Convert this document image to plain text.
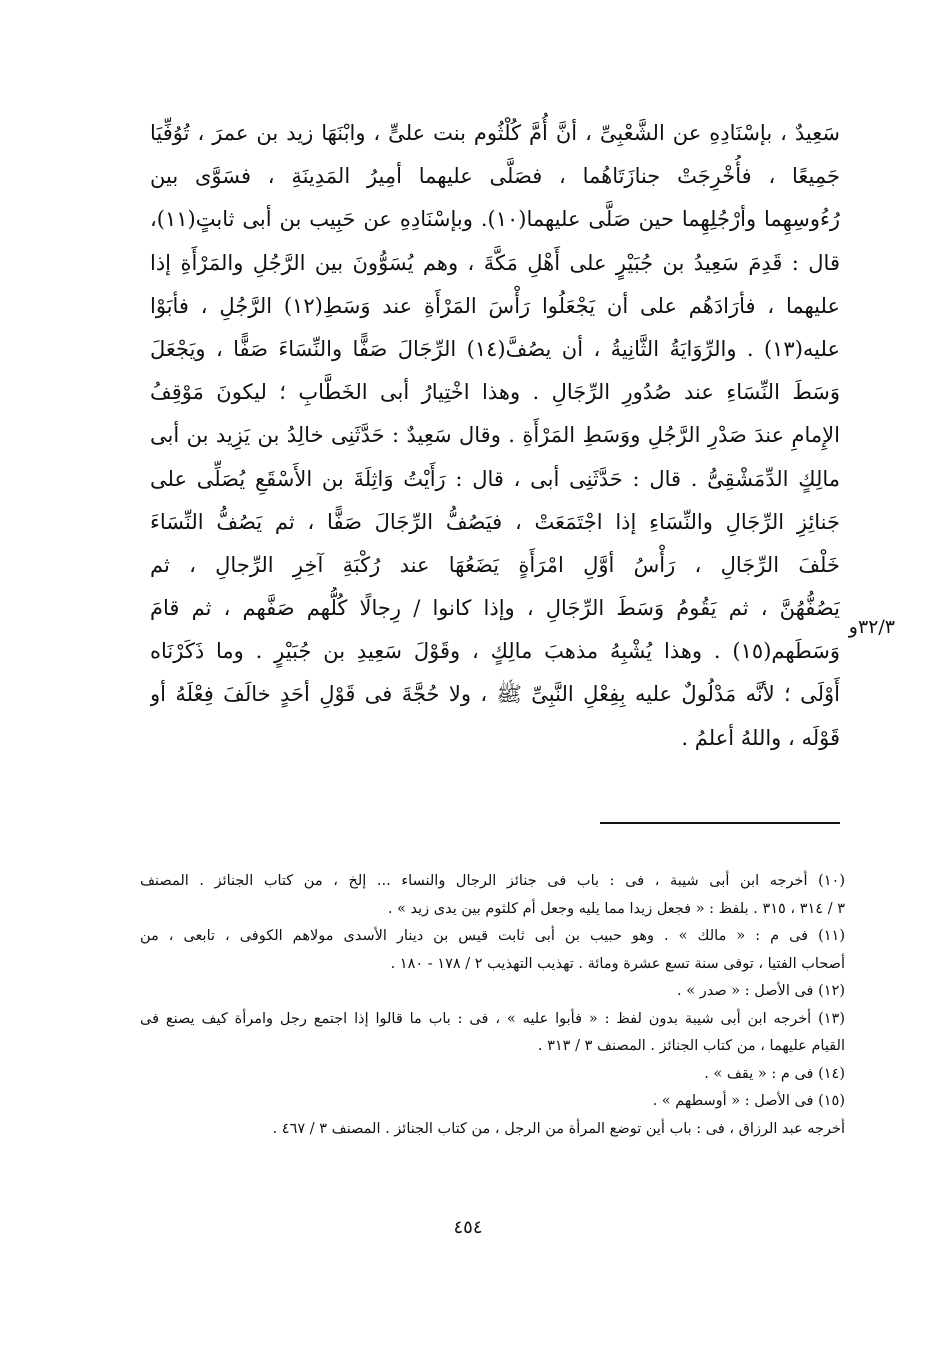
سَعِيدٌ ، بإسْنَادِهِ عن الشَّعْبِىِّ ، أنَّ أُمَّ كُلْثُوم بنت علىٍّ ، وابْنَهَا زيد بن عمرَ ، تُوُفِّيَا
جَمِيعًا ، فأُخْرِجَتْ جنازَتَاهُما ، فصَلَّى عليهما أمِيرُ المَدِينَةِ ، فسَوَّى بين
رُءُوسِهِما وأرْجُلِهِما حين صَلَّى عليهما(١٠). وبإسْنَادِهِ عن حَبِيب بن أبى ثابتٍ(١١)،
قال : قَدِمَ سَعِيدُ بن جُبَيْرٍ على أَهْلِ مَكَّةَ ، وهم يُسَوُّونَ بين الرَّجُلِ والمَرْأَةِ إذا
عليهما ، فأرَادَهُم على أن يَجْعَلُوا رَأْسَ المَرْأَةِ عند وَسَطِ(١٢) الرَّجُلِ ، فأبَوْا
عليه(١٣) . والرِّوَايَةُ الثَّانِيةُ ، أن يصُفَّ(١٤) الرِّجَالَ صَفًّا والنِّسَاءَ صَفًّا ، ويَجْعَلَ
وَسَطَ النِّسَاءِ عند صُدُورِ الرِّجَالِ . وهذا اخْتِيارُ أبى الخَطَّابِ ؛ ليكونَ مَوْقِفُ
الإِمامِ عندَ صَدْرِ الرَّجُلِ ووَسَطِ المَرْأَةِ . وقال سَعِيدٌ : حَدَّثَنِى خالِدُ بن يَزِيد بن أبى
مالِكٍ الدِّمَشْقِىُّ . قال : حَدَّثَنِى أبى ، قال : رَأَيْتُ وَاثِلَةَ بن الأَسْقَعِ يُصَلِّى على
جَنائِزِ الرِّجَالِ والنِّسَاءِ إذا اجْتَمَعَتْ ، فيَصُفُّ الرِّجَالَ صَفًّا ، ثم يَصُفُّ النِّسَاءَ
خَلْفَ الرِّجَالِ ، رَأْسُ أوَّلِ امْرَأَةٍ يَضَعُهَا عند رُكْبَةِ آخِرِ الرِّجالِ ، ثم
يَصُفُّهُنَّ ، ثم يَقُومُ وَسَطَ الرِّجَالِ ، وإذا كانوا / رِجالًا كُلُّهم صَفَّهم ، ثم قامَ
وَسَطَهم(١٥) . وهذا يُشْبِهُ مذهبَ مالِكٍ ، وقَوْلَ سَعِيدِ بن جُبَيْرٍ . وما ذَكَرْنَاه
أَوْلَى ؛ لأنَّه مَدْلُولٌ عليه بِفِعْلِ النَّبِىِّ ﷺ ، ولا حُجَّةَ فى قَوْلِ أحَدٍ خالَفَ فِعْلَهُ أو
قَوْلَه ، واللهُ أعلمُ .
٣٢/٣و
(١٠) أخرجه ابن أبى شيبة ، فى : باب فى جنائز الرجال والنساء ... إلخ ، من كتاب الجنائز . المصنف
٣ / ٣١٤ ، ٣١٥ . بلفظ : « فجعل زيدا مما يليه وجعل أم كلثوم بين يدى زيد » .
(١١) فى م : « مالك » . وهو حبيب بن أبى ثابت قيس بن دينار الأسدى مولاهم الكوفى ، تابعى ، من
أصحاب الفتيا ، توفى سنة تسع عشرة ومائة . تهذيب التهذيب ٢ / ١٧٨ - ١٨٠ .
(١٢) فى الأصل : « صدر » .
(١٣) أخرجه ابن أبى شيبة بدون لفظ : « فأبوا عليه » ، فى : باب ما قالوا إذا اجتمع رجل وامرأة كيف يصنع فى
القيام عليهما ، من كتاب الجنائز . المصنف ٣ / ٣١٣ .
(١٤) فى م : « يقف » .
(١٥) فى الأصل : « أوسطهم » .
أخرجه عبد الرزاق ، فى : باب أين توضع المرأة من الرجل ، من كتاب الجنائز . المصنف ٣ / ٤٦٧ .
٤٥٤
